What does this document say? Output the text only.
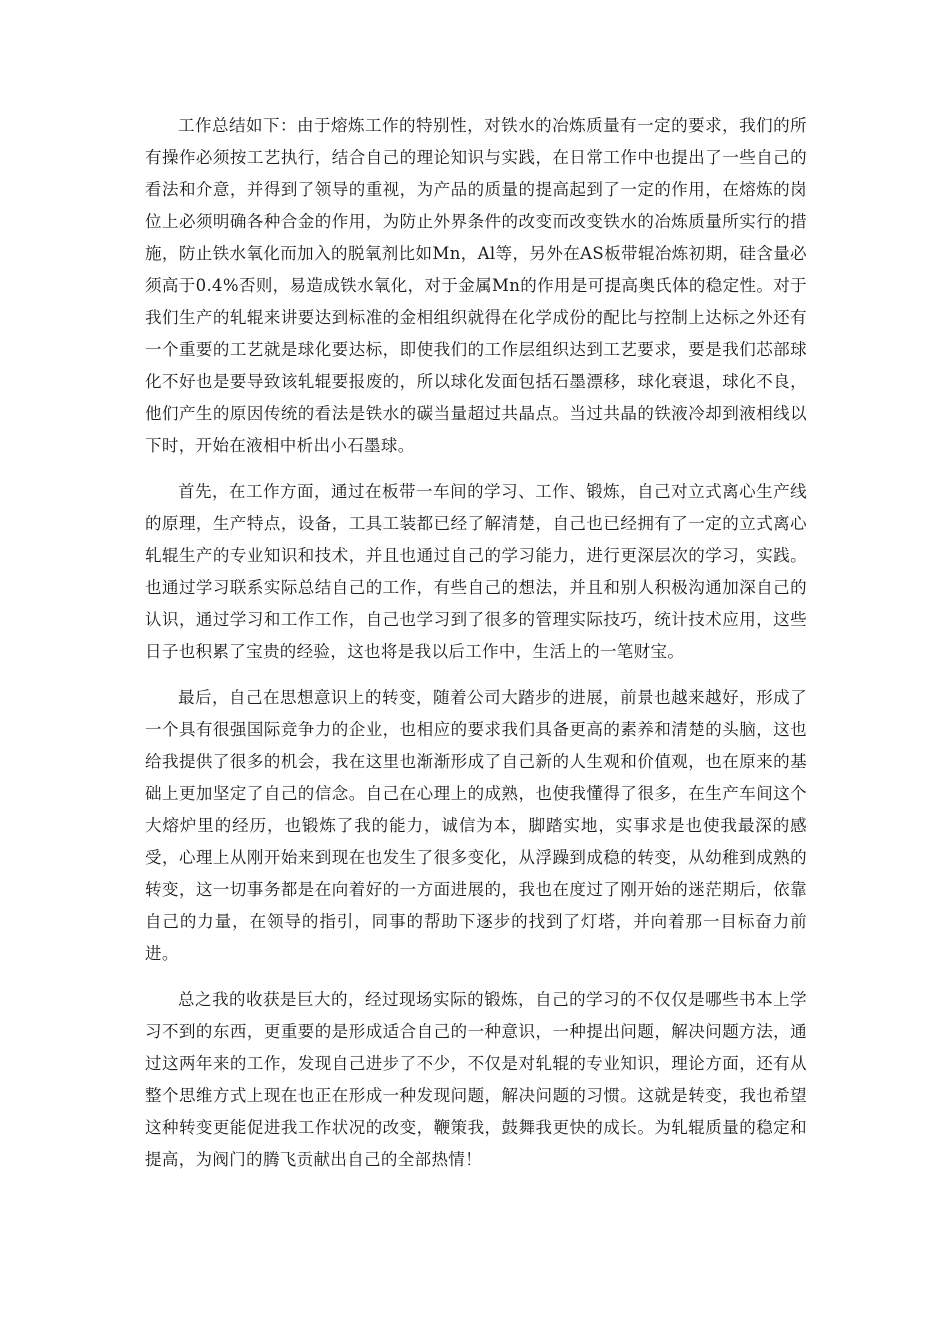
工作总结如下：由于熔炼工作的特别性，对铁水的冶炼质量有一定的要求，我们的所有操作必须按工艺执行，结合自己的理论知识与实践，在日常工作中也提出了一些自己的看法和介意，并得到了领导的重视，为产品的质量的提高起到了一定的作用，在熔炼的岗位上必须明确各种合金的作用，为防止外界条件的改变而改变铁水的冶炼质量所实行的措施，防止铁水氧化而加入的脱氧剂比如Mn，Al等，另外在AS板带辊冶炼初期，硅含量必须高于0.4%否则，易造成铁水氧化，对于金属Mn的作用是可提高奥氏体的稳定性。对于我们生产的轧辊来讲要达到标准的金相组织就得在化学成份的配比与控制上达标之外还有一个重要的工艺就是球化要达标，即使我们的工作层组织达到工艺要求，要是我们芯部球化不好也是要导致该轧辊要报废的，所以球化发面包括石墨漂移，球化衰退，球化不良，他们产生的原因传统的看法是铁水的碳当量超过共晶点。当过共晶的铁液冷却到液相线以下时，开始在液相中析出小石墨球。

首先，在工作方面，通过在板带一车间的学习、工作、锻炼，自己对立式离心生产线的原理，生产特点，设备，工具工装都已经了解清楚，自己也已经拥有了一定的立式离心轧辊生产的专业知识和技术，并且也通过自己的学习能力，进行更深层次的学习，实践。也通过学习联系实际总结自己的工作，有些自己的想法，并且和别人积极沟通加深自己的认识，通过学习和工作工作，自己也学习到了很多的管理实际技巧，统计技术应用，这些日子也积累了宝贵的经验，这也将是我以后工作中，生活上的一笔财宝。

最后，自己在思想意识上的转变，随着公司大踏步的进展，前景也越来越好，形成了一个具有很强国际竞争力的企业，也相应的要求我们具备更高的素养和清楚的头脑，这也给我提供了很多的机会，我在这里也渐渐形成了自己新的人生观和价值观，也在原来的基础上更加坚定了自己的信念。自己在心理上的成熟，也使我懂得了很多，在生产车间这个大熔炉里的经历，也锻炼了我的能力，诚信为本，脚踏实地，实事求是也使我最深的感受，心理上从刚开始来到现在也发生了很多变化，从浮躁到成稳的转变，从幼稚到成熟的转变，这一切事务都是在向着好的一方面进展的，我也在度过了刚开始的迷茫期后，依靠自己的力量，在领导的指引，同事的帮助下逐步的找到了灯塔，并向着那一目标奋力前进。

总之我的收获是巨大的，经过现场实际的锻炼，自己的学习的不仅仅是哪些书本上学习不到的东西，更重要的是形成适合自己的一种意识，一种提出问题，解决问题方法，通过这两年来的工作，发现自己进步了不少，不仅是对轧辊的专业知识，理论方面，还有从整个思维方式上现在也正在形成一种发现问题，解决问题的习惯。这就是转变，我也希望这种转变更能促进我工作状况的改变，鞭策我，鼓舞我更快的成长。为轧辊质量的稳定和提高，为阀门的腾飞贡献出自己的全部热情！
